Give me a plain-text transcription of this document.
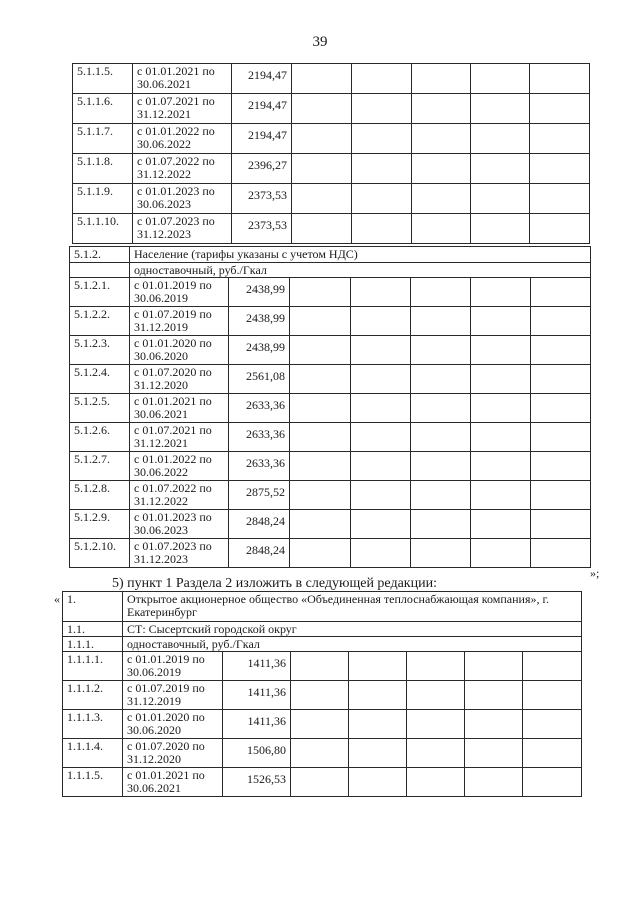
39
5.1.1.5.	с 01.01.2021 по 30.06.2021	2194,47					
5.1.1.6.	с 01.07.2021 по 31.12.2021	2194,47					
5.1.1.7.	с 01.01.2022 по 30.06.2022	2194,47					
5.1.1.8.	с 01.07.2022 по 31.12.2022	2396,27					
5.1.1.9.	с 01.01.2023 по 30.06.2023	2373,53					
5.1.1.10.	с 01.07.2023 по 31.12.2023	2373,53					
5.1.2.	Население (тарифы указаны с учетом НДС)						
	одноставочный, руб./Гкал						
5.1.2.1.	с 01.01.2019 по 30.06.2019	2438,99					
5.1.2.2.	с 01.07.2019 по 31.12.2019	2438,99					
5.1.2.3.	с 01.01.2020 по 30.06.2020	2438,99					
5.1.2.4.	с 01.07.2020 по 31.12.2020	2561,08					
5.1.2.5.	с 01.01.2021 по 30.06.2021	2633,36					
5.1.2.6.	с 01.07.2021 по 31.12.2021	2633,36					
5.1.2.7.	с 01.01.2022 по 30.06.2022	2633,36					
5.1.2.8.	с 01.07.2022 по 31.12.2022	2875,52					
5.1.2.9.	с 01.01.2023 по 30.06.2023	2848,24					
5.1.2.10.	с 01.07.2023 по 31.12.2023	2848,24					
»;
5) пункт 1 Раздела 2 изложить в следующей редакции:
« 1.	Открытое акционерное общество «Объединенная теплоснабжающая компания», г. Екатеринбург						
1.1.	СТ: Сысертский городской округ						
1.1.1.	одноставочный, руб./Гкал						
1.1.1.1.	с 01.01.2019 по 30.06.2019	1411,36					
1.1.1.2.	с 01.07.2019 по 31.12.2019	1411,36					
1.1.1.3.	с 01.01.2020 по 30.06.2020	1411,36					
1.1.1.4.	с 01.07.2020 по 31.12.2020	1506,80					
1.1.1.5.	с 01.01.2021 по 30.06.2021	1526,53					
